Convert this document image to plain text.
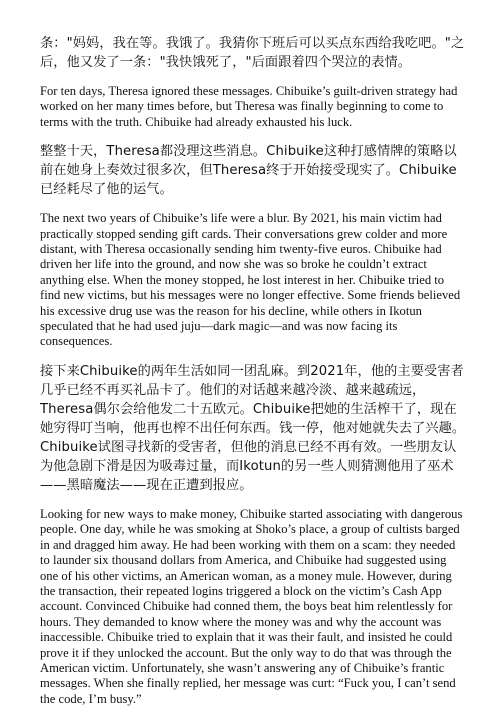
条："妈妈，我在等。我饿了。我猜你下班后可以买点东西给我吃吧。"之后，他又发了一条："我快饿死了，"后面跟着四个哭泣的表情。

For ten days, Theresa ignored these messages. Chibuike’s guilt-driven strategy had worked on her many times before, but Theresa was finally beginning to come to terms with the truth. Chibuike had already exhausted his luck.

整整十天，Theresa都没理这些消息。Chibuike这种打感情牌的策略以前在她身上奏效过很多次，但Theresa终于开始接受现实了。Chibuike已经耗尽了他的运气。

The next two years of Chibuike’s life were a blur. By 2021, his main victim had practically stopped sending gift cards. Their conversations grew colder and more distant, with Theresa occasionally sending him twenty-five euros. Chibuike had driven her life into the ground, and now she was so broke he couldn’t extract anything else. When the money stopped, he lost interest in her. Chibuike tried to find new victims, but his messages were no longer effective. Some friends believed his excessive drug use was the reason for his decline, while others in Ikotun speculated that he had used juju—dark magic—and was now facing its consequences.

接下来Chibuike的两年生活如同一团乱麻。到2021年，他的主要受害者几乎已经不再买礼品卡了。他们的对话越来越冷淡、越来越疏远，Theresa偶尔会给他发二十五欧元。Chibuike把她的生活榨干了，现在她穷得叮当响，他再也榨不出任何东西。钱一停，他对她就失去了兴趣。Chibuike试图寻找新的受害者，但他的消息已经不再有效。一些朋友认为他急剧下滑是因为吸毒过量，而Ikotun的另一些人则猜测他用了巫术——黑暗魔法——现在正遭到报应。

Looking for new ways to make money, Chibuike started associating with dangerous people. One day, while he was smoking at Shoko’s place, a group of cultists barged in and dragged him away. He had been working with them on a scam: they needed to launder six thousand dollars from America, and Chibuike had suggested using one of his other victims, an American woman, as a money mule. However, during the transaction, their repeated logins triggered a block on the victim’s Cash App account. Convinced Chibuike had conned them, the boys beat him relentlessly for hours. They demanded to know where the money was and why the account was inaccessible. Chibuike tried to explain that it was their fault, and insisted he could prove it if they unlocked the account. But the only way to do that was through the American victim. Unfortunately, she wasn’t answering any of Chibuike’s frantic messages. When she finally replied, her message was curt: “Fuck you, I can’t send the code, I’m busy.”
